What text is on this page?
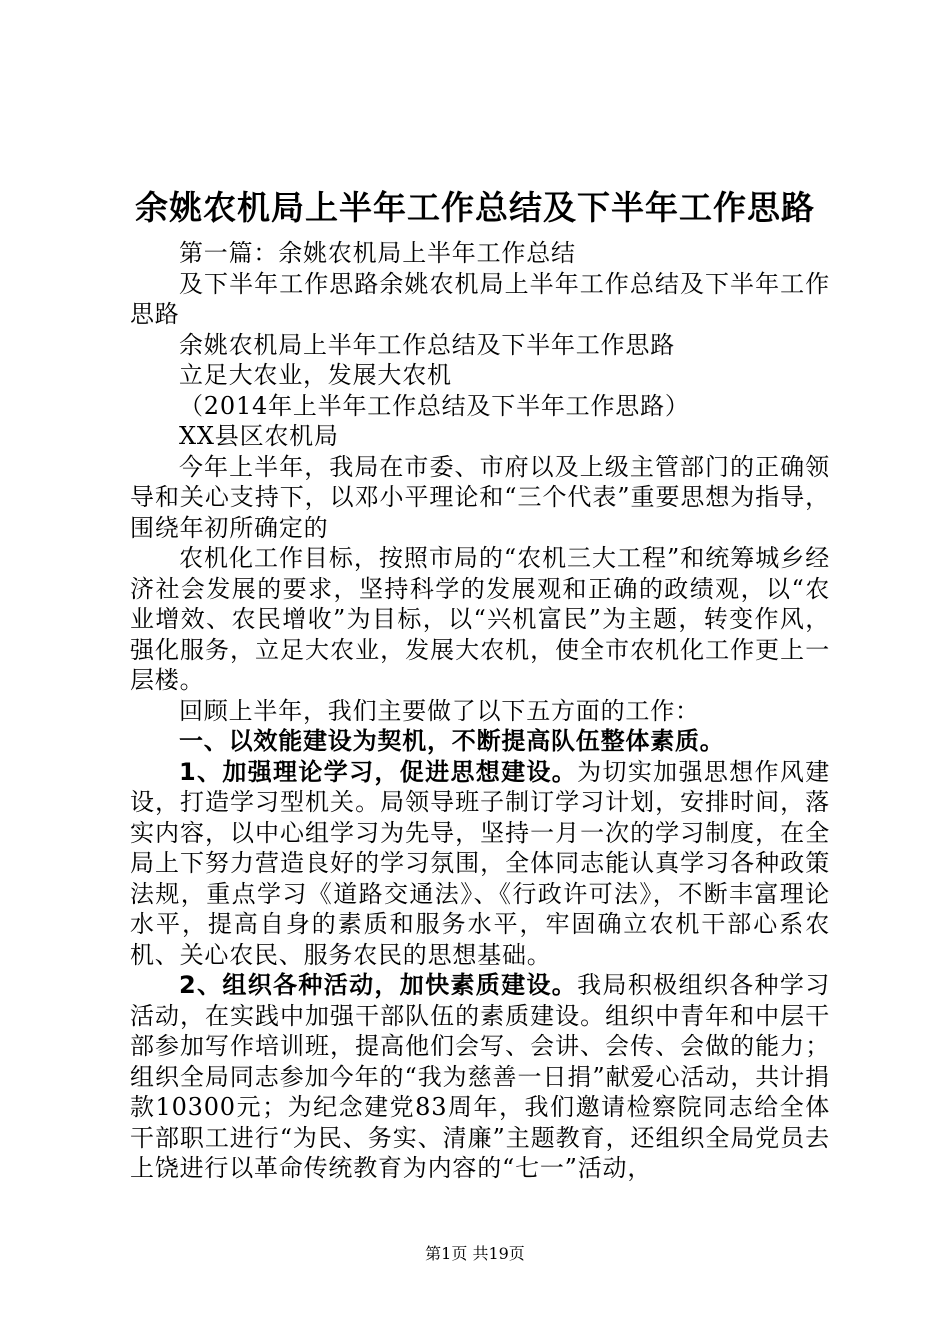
余姚农机局上半年工作总结及下半年工作思路

第一篇：余姚农机局上半年工作总结

及下半年工作思路余姚农机局上半年工作总结及下半年工作思路

余姚农机局上半年工作总结及下半年工作思路

立足大农业，发展大农机

（2014年上半年工作总结及下半年工作思路）

XX县区农机局

今年上半年，我局在市委、市府以及上级主管部门的正确领导和关心支持下，以邓小平理论和“三个代表”重要思想为指导，围绕年初所确定的

农机化工作目标，按照市局的“农机三大工程”和统筹城乡经济社会发展的要求，坚持科学的发展观和正确的政绩观，以“农业增效、农民增收”为目标，以“兴机富民”为主题，转变作风，强化服务，立足大农业，发展大农机，使全市农机化工作更上一层楼。

回顾上半年，我们主要做了以下五方面的工作：

一、以效能建设为契机，不断提高队伍整体素质。

1、加强理论学习，促进思想建设。为切实加强思想作风建设，打造学习型机关。局领导班子制订学习计划，安排时间，落实内容，以中心组学习为先导，坚持一月一次的学习制度，在全局上下努力营造良好的学习氛围，全体同志能认真学习各种政策法规，重点学习《道路交通法》、《行政许可法》，不断丰富理论水平，提高自身的素质和服务水平，牢固确立农机干部心系农机、关心农民、服务农民的思想基础。

2、组织各种活动，加快素质建设。我局积极组织各种学习活动，在实践中加强干部队伍的素质建设。组织中青年和中层干部参加写作培训班，提高他们会写、会讲、会传、会做的能力；组织全局同志参加今年的“我为慈善一日捐”献爱心活动，共计捐款10300元；为纪念建党83周年，我们邀请检察院同志给全体干部职工进行“为民、务实、清廉”主题教育，还组织全局党员去上饶进行以革命传统教育为内容的“七一”活动，

第1页 共19页
